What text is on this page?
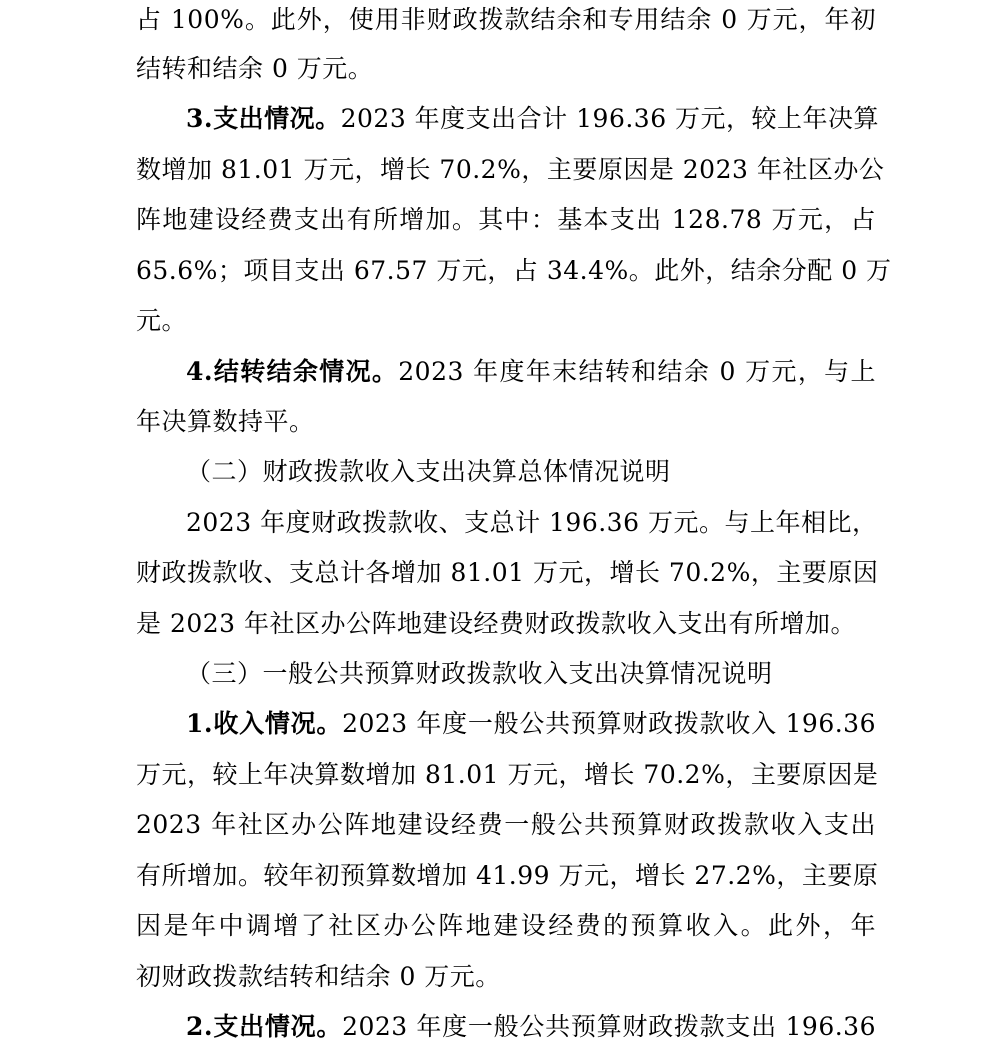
占 100%。此外，使用非财政拨款结余和专用结余 0 万元，年初
结转和结余 0 万元。
3.支出情况。2023 年度支出合计 196.36 万元，较上年决算
数增加 81.01 万元，增长 70.2%，主要原因是 2023 年社区办公
阵地建设经费支出有所增加。其中：基本支出 128.78 万元，占
65.6%；项目支出 67.57 万元，占 34.4%。此外，结余分配 0 万
元。
4.结转结余情况。2023 年度年末结转和结余 0 万元，与上
年决算数持平。
（二）财政拨款收入支出决算总体情况说明
2023 年度财政拨款收、支总计 196.36 万元。与上年相比，
财政拨款收、支总计各增加 81.01 万元，增长 70.2%，主要原因
是 2023 年社区办公阵地建设经费财政拨款收入支出有所增加。
（三）一般公共预算财政拨款收入支出决算情况说明
1.收入情况。2023 年度一般公共预算财政拨款收入 196.36
万元，较上年决算数增加 81.01 万元，增长 70.2%，主要原因是
2023 年社区办公阵地建设经费一般公共预算财政拨款收入支出
有所增加。较年初预算数增加 41.99 万元，增长 27.2%，主要原
因是年中调增了社区办公阵地建设经费的预算收入。此外，年
初财政拨款结转和结余 0 万元。
2.支出情况。2023 年度一般公共预算财政拨款支出 196.36
